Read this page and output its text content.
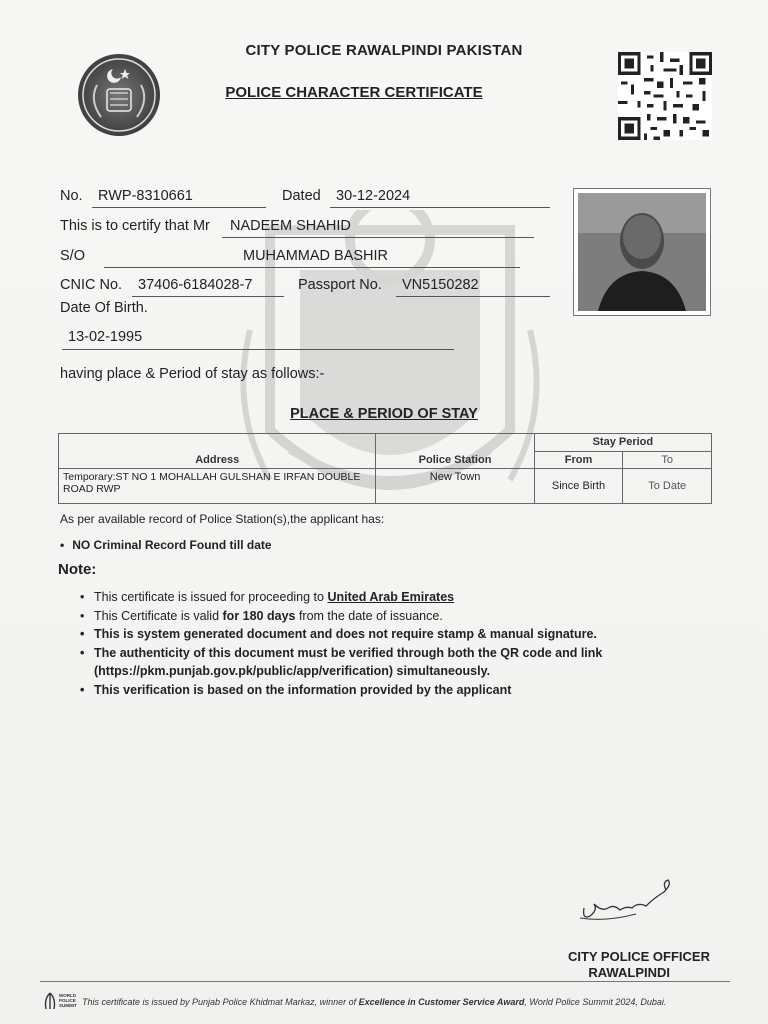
CITY POLICE RAWALPINDI PAKISTAN
POLICE CHARACTER CERTIFICATE
No. RWP-8310661	Dated 30-12-2024
This is to certify that Mr NADEEM SHAHID
S/O	MUHAMMAD BASHIR
CNIC No. 37406-6184028-7	Passport No. VN5150282
Date Of Birth.
13-02-1995
having place & Period of stay as follows:-
PLACE & PERIOD OF STAY
Address	Police Station	Stay Period	
		From	To
Temporary:ST NO 1 MOHALLAH GULSHAN E IRFAN DOUBLE ROAD RWP	New Town	Since Birth	To Date
As per available record of Police Station(s),the applicant has:
• NO Criminal Record Found till date
Note:
• This certificate is issued for proceeding to United Arab Emirates
• This Certificate is valid for 180 days from the date of issuance.
• This is system generated document and does not require stamp & manual signature.
• The authenticity of this document must be verified through both the QR code and link (https://pkm.punjab.gov.pk/public/app/verification) simultaneously.
• This verification is based on the information provided by the applicant
CITY POLICE OFFICER
RAWALPINDI
WORLD POLICE SUMMIT This certificate is issued by Punjab Police Khidmat Markaz, winner of Excellence in Customer Service Award, World Police Summit 2024, Dubai.
